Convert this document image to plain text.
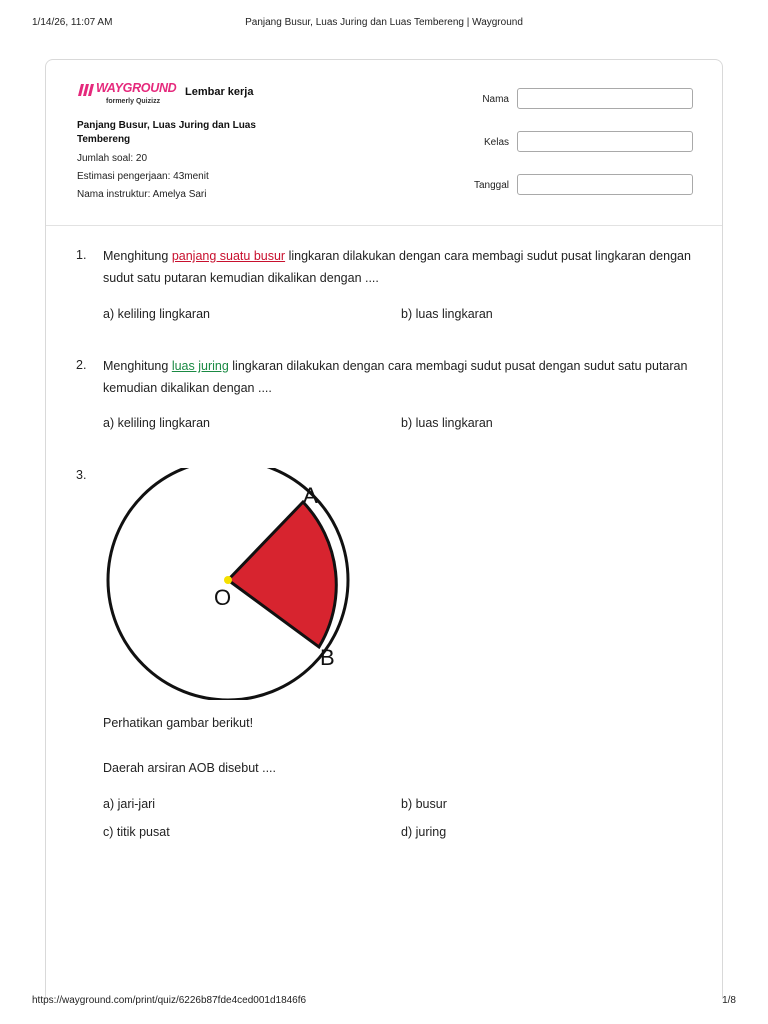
1/14/26, 11:07 AM	Panjang Busur, Luas Juring dan Luas Tembereng | Wayground
WAYGROUND
formerly Quizizz
Lembar kerja
Panjang Busur, Luas Juring dan Luas Tembereng
Jumlah soal: 20
Estimasi pengerjaan: 43menit
Nama instruktur: Amelya Sari
Nama
Kelas
Tanggal
1. Menghitung panjang suatu busur lingkaran dilakukan dengan cara membagi sudut pusat lingkaran dengan sudut satu putaran kemudian dikalikan dengan ....
a) keliling lingkaran	b) luas lingkaran
2. Menghitung luas juring lingkaran dilakukan dengan cara membagi sudut pusat dengan sudut satu putaran kemudian dikalikan dengan ....
a) keliling lingkaran	b) luas lingkaran
3.
A
O
B
Perhatikan gambar berikut!
Daerah arsiran AOB disebut ....
a) jari-jari	b) busur
c) titik pusat	d) juring
https://wayground.com/print/quiz/6226b87fde4ced001d1846f6	1/8
